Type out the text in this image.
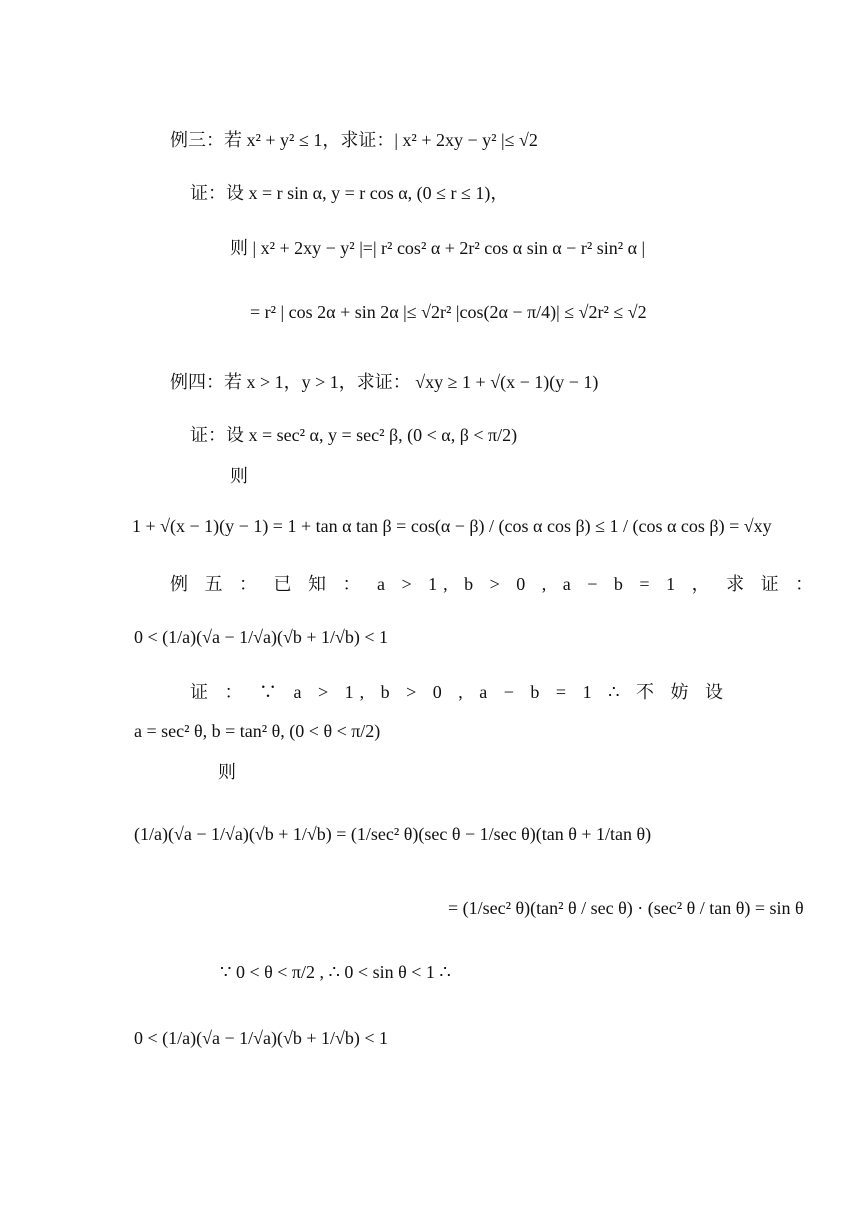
例三：若 x² + y² ≤ 1，求证：| x² + 2xy − y² |≤ √2
证：设 x = r sin α, y = r cos α, (0 ≤ r ≤ 1)，
则 | x² + 2xy − y² |=| r² cos² α + 2r² cos α sin α − r² sin² α |
= r² | cos 2α + sin 2α |≤ √2r² |cos(2α − π/4)| ≤ √2r² ≤ √2
例四：若 x > 1，y > 1，求证： √xy ≥ 1 + √(x − 1)(y − 1)
证：设 x = sec² α, y = sec² β, (0 < α, β < π/2)
则
1 + √(x − 1)(y − 1) = 1 + tan α tan β = cos(α − β) / (cos α cos β) ≤ 1 / (cos α cos β) = √xy
例 五 ： 已 知 ： a > 1, b > 0 , a − b = 1 ， 求 证 ：
0 < (1/a)(√a − 1/√a)(√b + 1/√b) < 1
证 ： ∵ a > 1, b > 0 , a − b = 1 ∴ 不 妨 设
a = sec² θ, b = tan² θ, (0 < θ < π/2)
则
(1/a)(√a − 1/√a)(√b + 1/√b) = (1/sec² θ)(sec θ − 1/sec θ)(tan θ + 1/tan θ)
= (1/sec² θ)(tan² θ / sec θ) · (sec² θ / tan θ) = sin θ
∵ 0 < θ < π/2 , ∴ 0 < sin θ < 1 ∴
0 < (1/a)(√a − 1/√a)(√b + 1/√b) < 1
